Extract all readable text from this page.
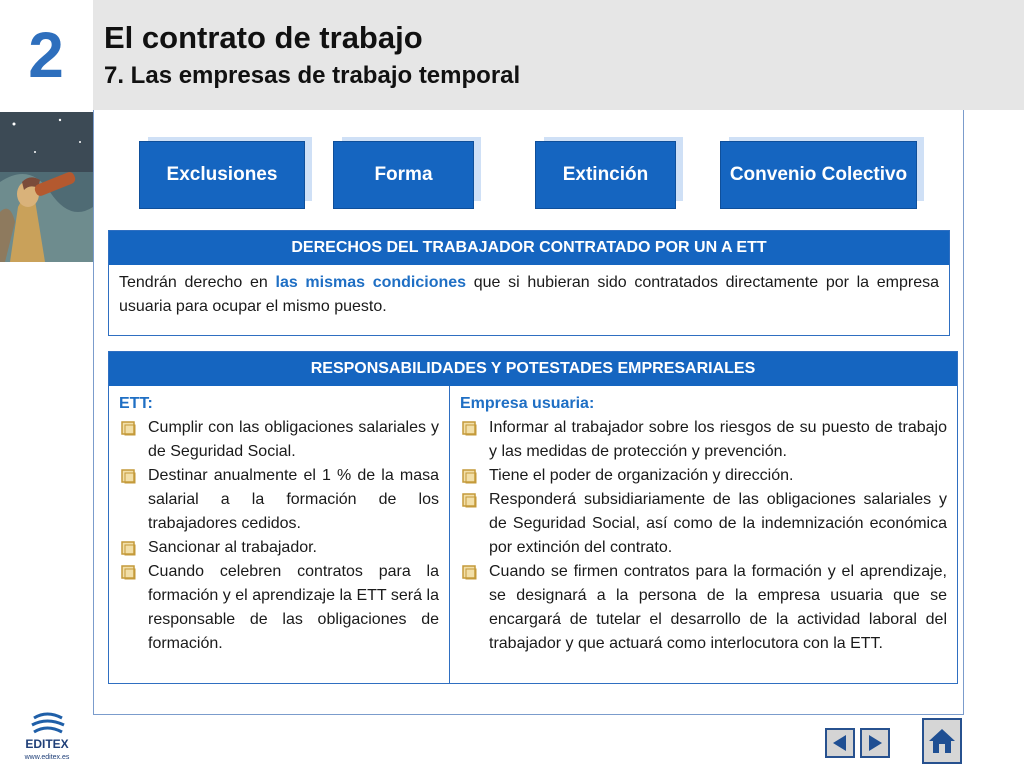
2	El contrato de trabajo
7. Las empresas de trabajo temporal
Exclusiones	Forma	Extinción	Convenio Colectivo
DERECHOS DEL TRABAJADOR CONTRATADO POR UN A ETT
Tendrán derecho en las mismas condiciones que si hubieran sido contratados directamente por la empresa usuaria para ocupar el mismo puesto.
RESPONSABILIDADES Y POTESTADES EMPRESARIALES
ETT:
Cumplir con las obligaciones salariales y de Seguridad Social.
Destinar anualmente el 1 % de la masa salarial a la formación de los trabajadores cedidos.
Sancionar al trabajador.
Cuando celebren contratos para la formación y el aprendizaje la ETT será la responsable de las obligaciones de formación.
Empresa usuaria:
Informar al trabajador sobre los riesgos de su puesto de trabajo y las medidas de protección y prevención.
Tiene el poder de organización y dirección.
Responderá subsidiariamente de las obligaciones salariales y de Seguridad Social, así como de la indemnización económica por extinción del contrato.
Cuando se firmen contratos para la formación y el aprendizaje, se designará a la persona de la empresa usuaria que se encargará de tutelar el desarrollo de la actividad laboral del trabajador y que actuará como interlocutora con la ETT.
EDITEX
www.editex.es
